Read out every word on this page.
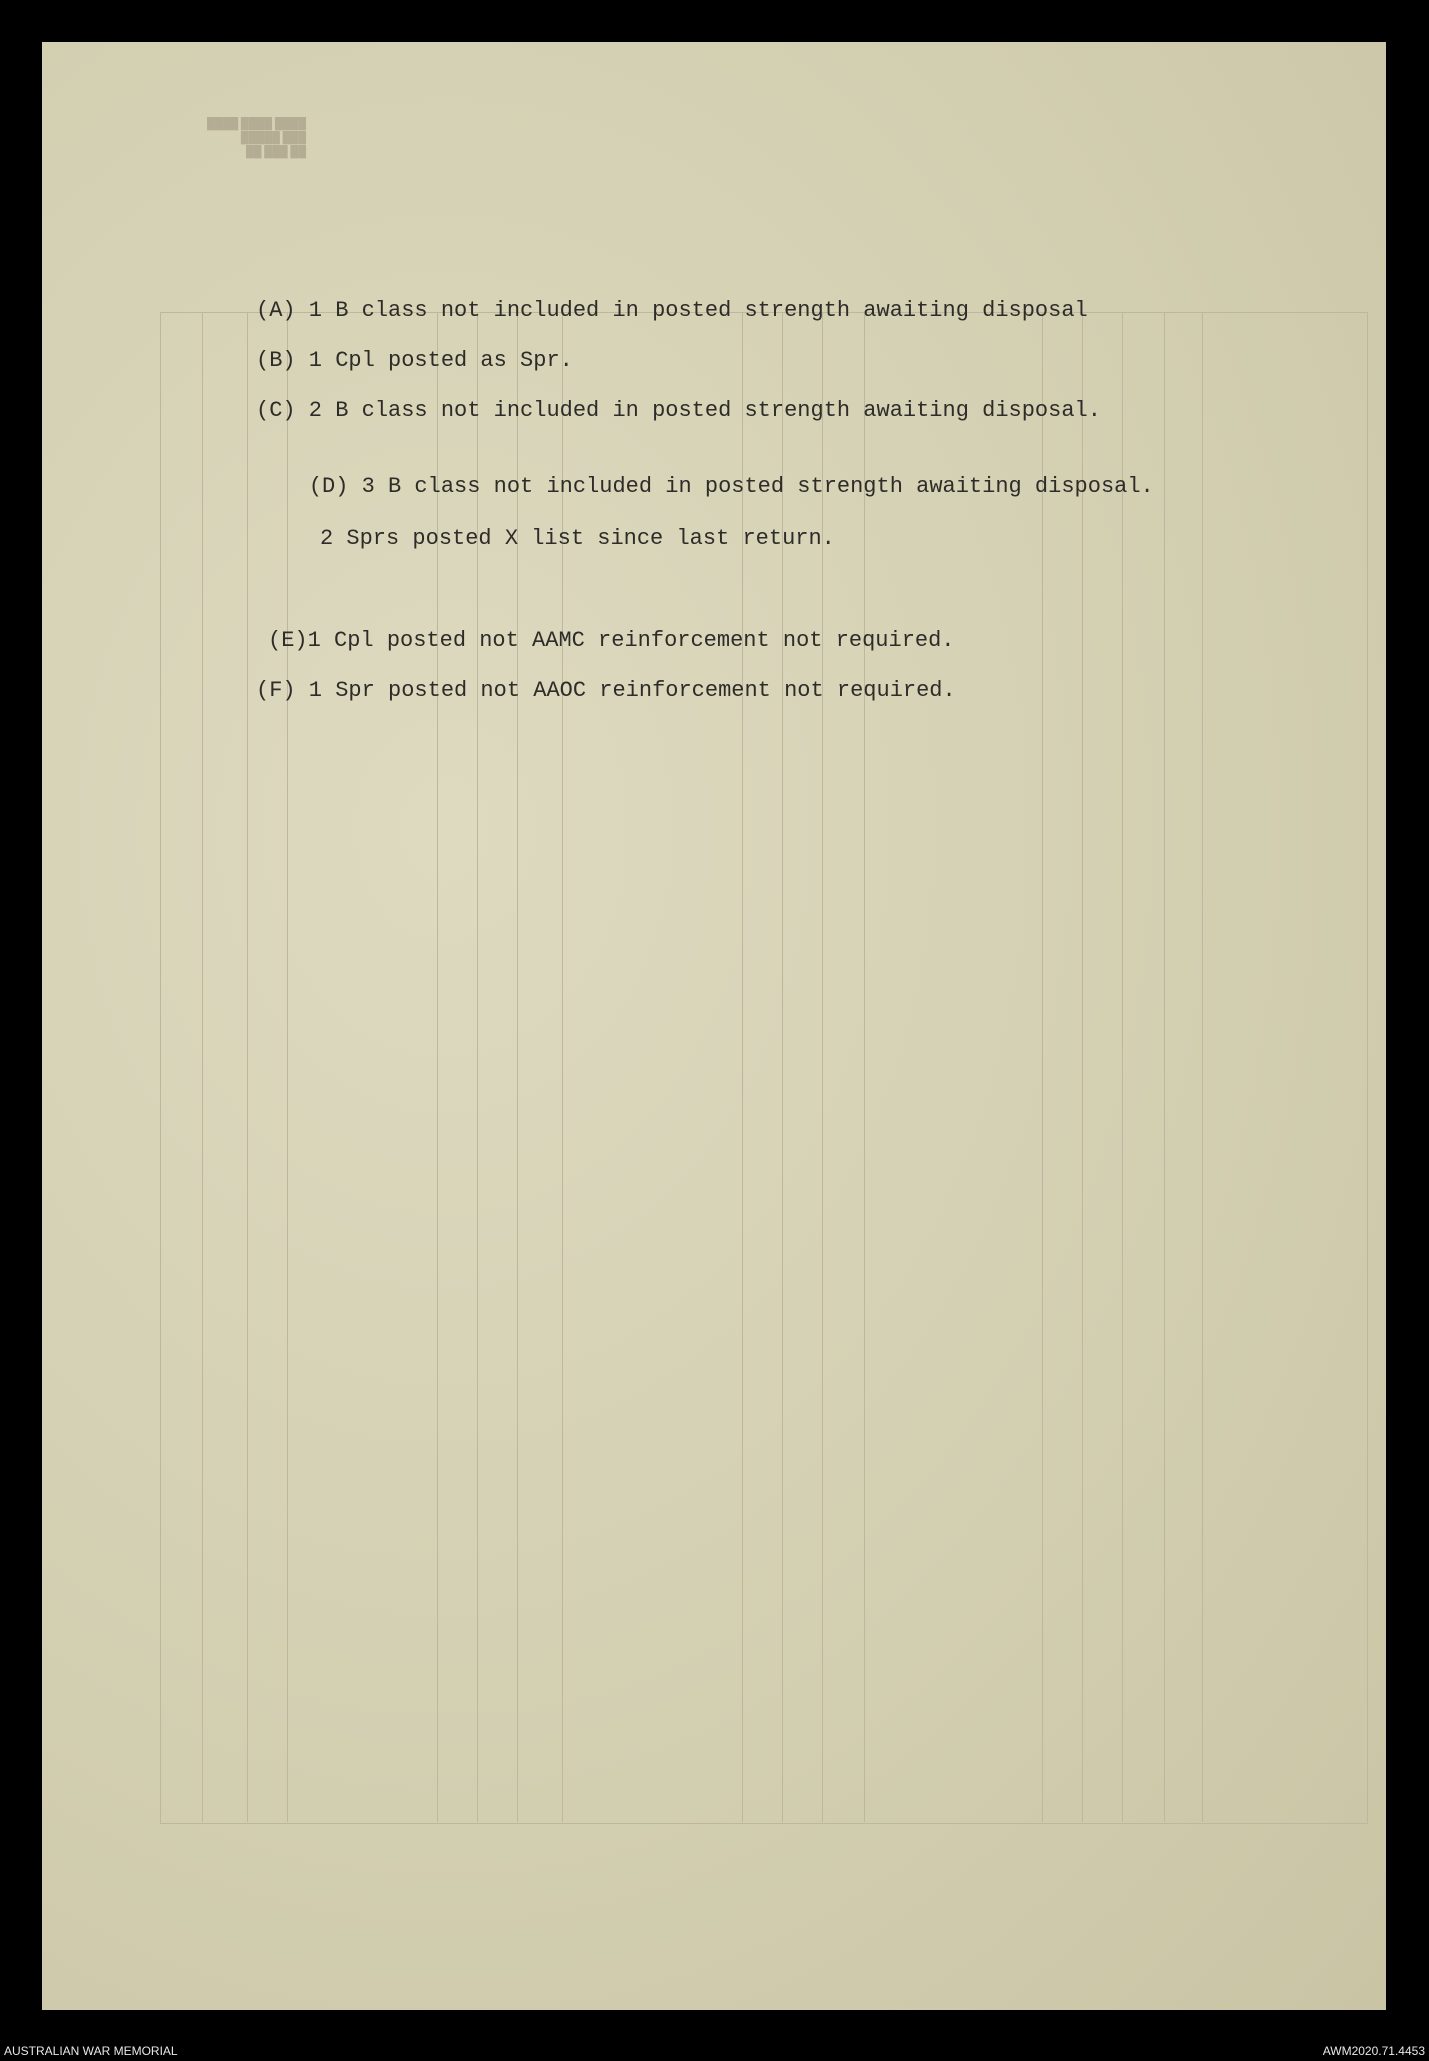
████ ████ ████
█████ ███
██ ███ ██
(A) 1 B class not included in posted strength awaiting disposal
(B) 1 Cpl posted as Spr.
(C) 2 B class not included in posted strength awaiting disposal.

(D) 3 B class not included in posted strength awaiting disposal.

2 Sprs posted X list since last return.

(E)1 Cpl posted not AAMC reinforcement not required.
(F) 1 Spr posted not AAOC reinforcement not required.
AUSTRALIAN WAR MEMORIAL	AWM2020.71.4453
